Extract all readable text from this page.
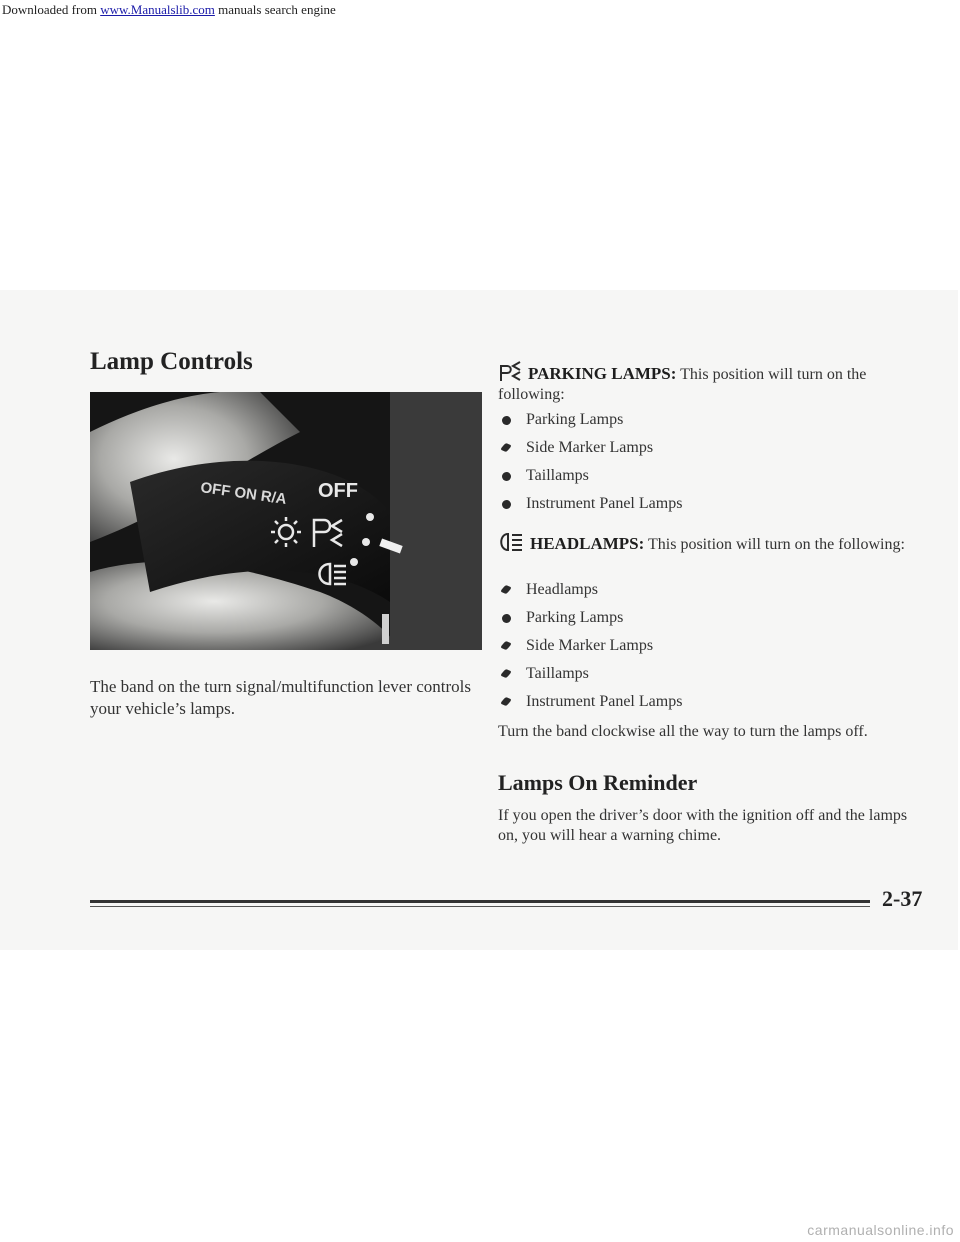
Downloaded from www.Manualslib.com manuals search engine
Lamp Controls
OFF ON R/A OFF
The band on the turn signal/multifunction lever controls your vehicle’s lamps.
PARKING LAMPS: This position will turn on the following:
Parking Lamps
Side Marker Lamps
Taillamps
Instrument Panel Lamps
HEADLAMPS: This position will turn on the following:
Headlamps
Parking Lamps
Side Marker Lamps
Taillamps
Instrument Panel Lamps
Turn the band clockwise all the way to turn the lamps off.
Lamps On Reminder
If you open the driver’s door with the ignition off and the lamps on, you will hear a warning chime.
2-37
carmanualsonline.info
